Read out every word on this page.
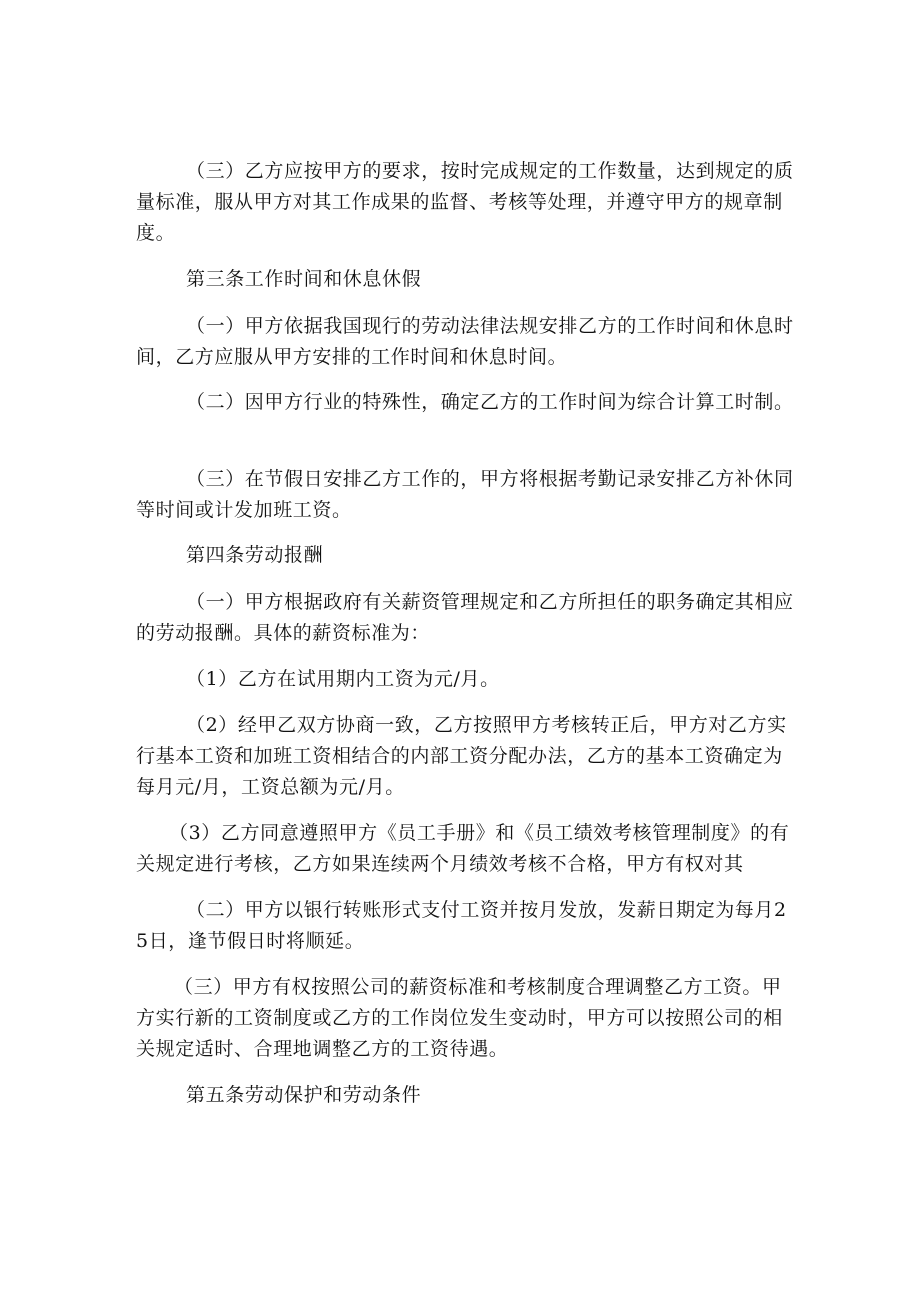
（三）乙方应按甲方的要求，按时完成规定的工作数量，达到规定的质量标准，服从甲方对其工作成果的监督、考核等处理，并遵守甲方的规章制度。

第三条工作时间和休息休假

（一）甲方依据我国现行的劳动法律法规安排乙方的工作时间和休息时间，乙方应服从甲方安排的工作时间和休息时间。

（二）因甲方行业的特殊性，确定乙方的工作时间为综合计算工时制。

（三）在节假日安排乙方工作的，甲方将根据考勤记录安排乙方补休同等时间或计发加班工资。

第四条劳动报酬

（一）甲方根据政府有关薪资管理规定和乙方所担任的职务确定其相应的劳动报酬。具体的薪资标准为：

（1）乙方在试用期内工资为元/月。

（2）经甲乙双方协商一致，乙方按照甲方考核转正后，甲方对乙方实行基本工资和加班工资相结合的内部工资分配办法，乙方的基本工资确定为每月元/月，工资总额为元/月。

（3）乙方同意遵照甲方《员工手册》和《员工绩效考核管理制度》的有关规定进行考核，乙方如果连续两个月绩效考核不合格，甲方有权对其

（二）甲方以银行转账形式支付工资并按月发放，发薪日期定为每月25日，逢节假日时将顺延。

（三）甲方有权按照公司的薪资标准和考核制度合理调整乙方工资。甲方实行新的工资制度或乙方的工作岗位发生变动时，甲方可以按照公司的相关规定适时、合理地调整乙方的工资待遇。

第五条劳动保护和劳动条件
